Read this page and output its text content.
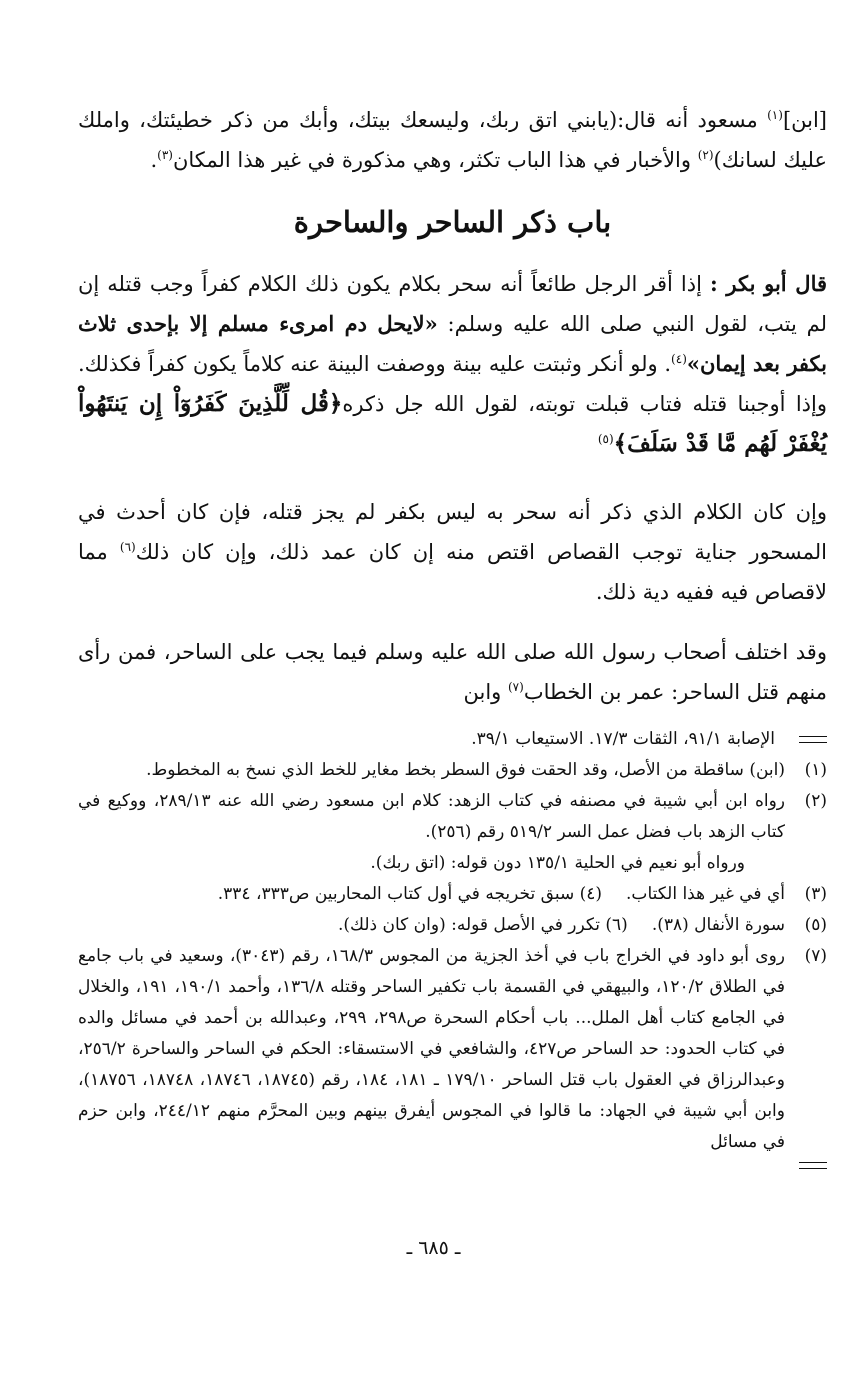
[ابن]$^{(١)}$ مسعود أنه قال:(يابني اتق ربك، وليسعك بيتك، وأبك من ذكر خطيئتك، واملك عليك لسانك)$^{(٢)}$ والأخبار في هذا الباب تكثر، وهي مذكورة في غير هذا المكان$^{(٣)}$.

باب ذكر الساحر والساحرة

قال أبو بكر : إذا أقر الرجل طائعاً أنه سحر بكلام يكون ذلك الكلام كفراً وجب قتله إن لم يتب، لقول النبي صلى الله عليه وسلم: «لايحل دم امرىء مسلم إلا بإحدى ثلاث بكفر بعد إيمان»$^{(٤)}$. ولو أنكر وثبتت عليه بينة ووصفت البينة عنه كلاماً يكون كفراً فكذلك. وإذا أوجبنا قتله فتاب قبلت توبته، لقول الله جل ذكره﴿قُل لِّلَّذِينَ كَفَرُوٓاْ إِن يَنتَهُواْ يُغْفَرْ لَهُم مَّا قَدْ سَلَفَ﴾$^{(٥)}$

وإن كان الكلام الذي ذكر أنه سحر به ليس بكفر لم يجز قتله، فإن كان أحدث في المسحور جناية توجب القصاص اقتص منه إن كان عمد ذلك، وإن كان ذلك$^{(٦)}$ مما لاقصاص فيه ففيه دية ذلك.

وقد اختلف أصحاب رسول الله صلى الله عليه وسلم فيما يجب على الساحر، فمن رأى منهم قتل الساحر: عمر بن الخطاب$^{(٧)}$ وابن

الإصابة ٩١/١، الثقات ١٧/٣. الاستيعاب ٣٩/١.
(١)
(ابن) ساقطة من الأصل، وقد الحقت فوق السطر بخط مغاير للخط الذي نسخ به المخطوط.
(٢)
رواه ابن أبي شيبة في مصنفه في كتاب الزهد: كلام ابن مسعود رضي الله عنه ٢٨٩/١٣، ووكيع في كتاب الزهد باب فضل عمل السر ٥١٩/٢ رقم (٢٥٦).
ورواه أبو نعيم في الحلية ١٣٥/١ دون قوله: (اتق ربك).
(٣)
أي في غير هذا الكتاب.
(٤) سبق تخريجه في أول كتاب المحاربين ص٣٣٣، ٣٣٤.
(٥)
سورة الأنفال (٣٨).
(٦) تكرر في الأصل قوله: (وان كان ذلك).
(٧)
روى أبو داود في الخراج باب في أخذ الجزية من المجوس ١٦٨/٣، رقم (٣٠٤٣)، وسعيد في باب جامع في الطلاق ١٢٠/٢، والبيهقي في القسمة باب تكفير الساحر وقتله ١٣٦/٨، وأحمد ١٩٠/١، ١٩١، والخلال في الجامع كتاب أهل الملل... باب أحكام السحرة ص٢٩٨، ٢٩٩، وعبدالله بن أحمد في مسائل والده في كتاب الحدود: حد الساحر ص٤٢٧، والشافعي في الاستسقاء: الحكم في الساحر والساحرة ٢٥٦/٢، وعبدالرزاق في العقول باب قتل الساحر ١٧٩/١٠ ـ ١٨١، ١٨٤، رقم (١٨٧٤٥، ١٨٧٤٦، ١٨٧٤٨، ١٨٧٥٦)، وابن أبي شيبة في الجهاد: ما قالوا في المجوس أيفرق بينهم وبين المحرَّم منهم ٢٤٤/١٢، وابن حزم في مسائل
ـ ٦٨٥ ـ
